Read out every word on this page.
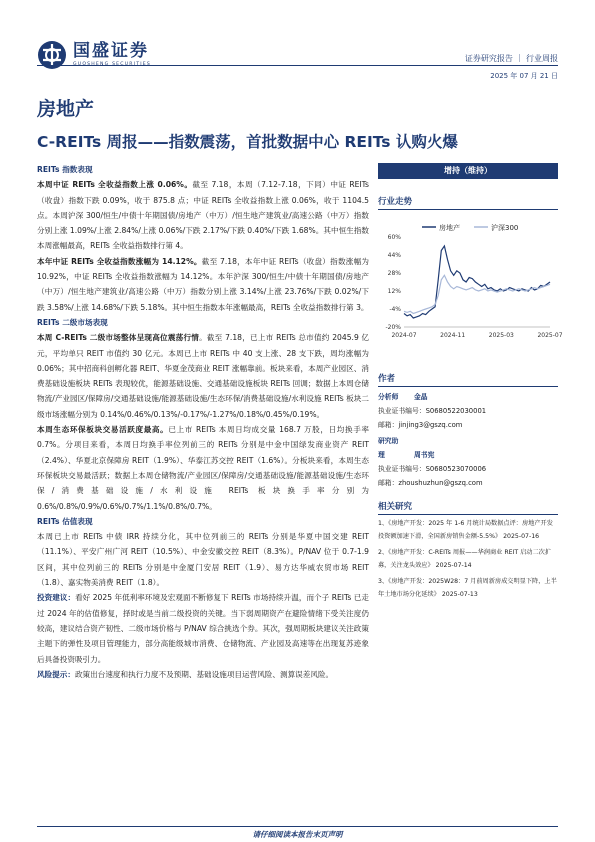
国盛证券	证券研究报告 ｜ 行业周报
2025 年 07 月 21 日
房地产
C-REITs 周报——指数震荡，首批数据中心 REITs 认购火爆
REITs 指数表现
本周中证 REITs 全收益指数上涨 0.06%。截至 7.18，本周（7.12-7.18，下同）中证 REITs（收盘）指数下跌 0.09%，收于 875.8 点；中证 REITs 全收益指数上涨 0.06%，收于 1104.5 点。本周沪深 300/恒生/中债十年期国债/房地产（中万）/恒生地产建筑业/高速公路（中万）指数分别上涨 1.09%/上涨 2.84%/上涨 0.06%/下跌 2.17%/下跌 0.40%/下跌 1.68%。其中恒生指数本周涨幅最高，REITs 全收益指数排行第 4。
本年中证 REITs 全收益指数涨幅为 14.12%。截至 7.18，本年中证 REITs（收盘）指数涨幅为 10.92%，中证 REITs 全收益指数涨幅为 14.12%。本年沪深 300/恒生/中债十年期国债/房地产（中万）/恒生地产建筑业/高速公路（中万）指数分别上涨 3.14%/上涨 23.76%/下跌 0.02%/下跌 3.58%/上涨 14.68%/下跌 5.18%。其中恒生指数本年涨幅最高，REITs 全收益指数排行第 3。
REITs 二级市场表现
本周 C-REITs 二级市场整体呈现高位震荡行情。截至 7.18，已上市 REITs 总市值约 2045.9 亿元，平均单只 REIT 市值约 30 亿元。本周已上市 REITs 中 40 支上涨、28 支下跌，周均涨幅为 0.06%；其中招商科创孵化器 REIT、华夏金茂商业 REIT 涨幅靠前。板块来看，本周产业园区、消费基础设施板块 REITs 表现较优，能源基础设施、交通基础设施板块 REITs 回调；数据上本周仓储物流/产业园区/保障房/交通基础设施/能源基础设施/生态环保/消费基础设施/水利设施 REITs 板块二级市场涨幅分别为 0.14%/0.46%/0.13%/-0.17%/-1.27%/0.18%/0.45%/0.19%。
本周生态环保板块交易活跃度最高。已上市 REITs 本周日均成交量 168.7 万股，日均换手率 0.7%。分项目来看，本周日均换手率位列前三的 REITs 分别是中金中国绿发商业资产 REIT（2.4%）、华夏北京保障房 REIT（1.9%）、华泰江苏交控 REIT（1.6%）。分板块来看，本周生态环保板块交易最活跃；数据上本周仓储物流/产业园区/保障房/交通基础设施/能源基础设施/生态环保/消费基础设施/水利设施 REITs 板块换手率分别为 0.6%/0.8%/0.9%/0.6%/0.7%/1.1%/0.8%/0.7%。
REITs 估值表现
本周已上市 REITs 中债 IRR 持续分化，其中位列前三的 REITs 分别是华夏中国交建 REIT（11.1%）、平安广州广河 REIT（10.5%）、中金安徽交控 REIT（8.3%）。P/NAV 位于 0.7-1.9 区间，其中位列前三的 REITs 分别是中金厦门安居 REIT（1.9）、易方达华威农贸市场 REIT（1.8）、嘉实物美消费 REIT（1.8）。
投资建议：看好 2025 年低利率环境及宏观面不断修复下 REITs 市场持续升温，而个子 REITs 已走过 2024 年的估值修复，择时或是当前二级投资的关键。当下弱周期资产在避险情绪下受关注度仍较高，建议结合资产韧性、二级市场价格与 P/NAV 综合挑选个券。其次，强周期板块建议关注政策主题下的弹性及项目管理能力，部分高能级城市消费、仓储物流、产业园及高速等在出现复苏迹象后具备投资吸引力。
风险提示：政策出台速度和执行力度不及预期、基础设施项目运营风险、测算误差风险。
增持（维持）
行业走势
房地产	沪深300
-20%
-4%
12%
28%
44%
60%
2024-07	2024-11	2025-03	2025-07
作者
分析师 金晶
执业证书编号：S0680522030001
邮箱：jinjing3@gszq.com
研究助理	周书宪
执业证书编号：S0680523070006
邮箱：zhoushuzhun@gszq.com
相关研究
1、《房地产开发：2025 年 1-6 月统计局数据点评：房地产开发投资额加速下滑，全国新房销售金额-5.5%》 2025-07-16
2、《房地产开发：C-REITs 周报——华润商业 REIT 启动二次扩募，关注龙头效应》 2025-07-14
3、《房地产开发：2025W28：7 月前周新房成交明显下降，上半年土地市场分化延续》 2025-07-13
请仔细阅读本报告末页声明
